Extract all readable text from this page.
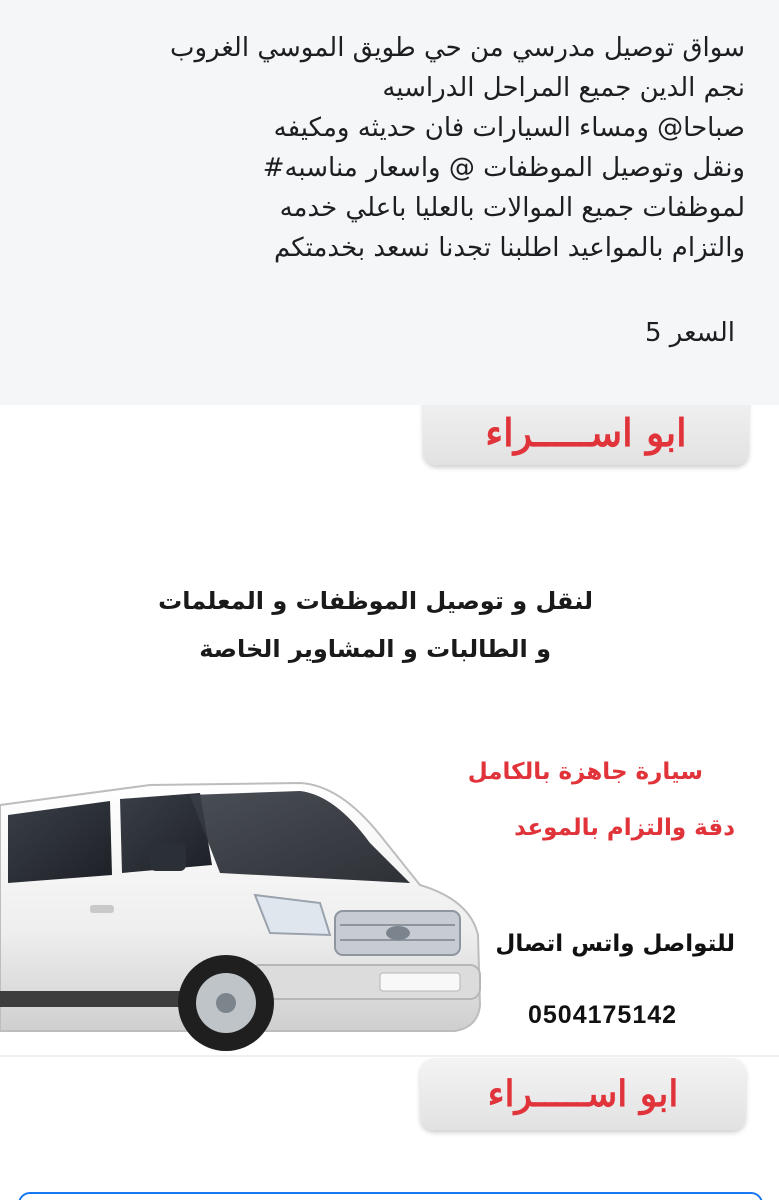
سواق توصيل مدرسي من حي طويق الموسي الغروب
نجم الدين جميع المراحل الدراسيه
صباحا@ ومساء السيارات فان حديثه ومكيفه
ونقل وتوصيل الموظفات @ واسعار مناسبه#
لموظفات جميع الموالات بالعليا باعلي خدمه
والتزام بالمواعيد اطلبنا تجدنا نسعد بخدمتكم
السعر 5
ابو اســـــراء
لنقل و توصيل الموظفات و المعلمات
و الطالبات و المشاوير الخاصة
سيارة جاهزة بالكامل
دقة والتزام بالموعد
للتواصل واتس اتصال
0504175142
ابو اســـــراء
